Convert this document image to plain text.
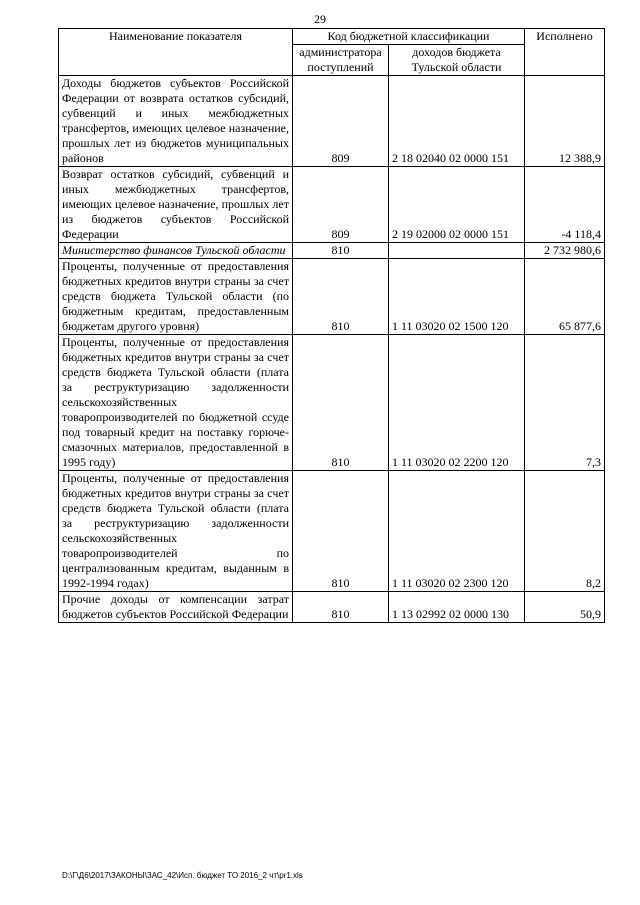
29
Наименование показателя	Код бюджетной классификации		Исполнено
	администратора поступлений	доходов бюджета Тульской области	
Доходы бюджетов субъектов Российской Федерации от возврата остатков субсидий, субвенций и иных межбюджетных трансфертов, имеющих целевое назначение, прошлых лет из бюджетов муниципальных районов	809	2 18 02040 02 0000 151	12 388,9
Возврат остатков субсидий, субвенций и иных межбюджетных трансфертов, имеющих целевое назначение, прошлых лет из бюджетов субъектов Российской Федерации	809	2 19 02000 02 0000 151	-4 118,4
Министерство финансов Тульской области	810		2 732 980,6
Проценты, полученные от предоставления бюджетных кредитов внутри страны за счет средств бюджета Тульской области (по бюджетным кредитам, предоставленным бюджетам другого уровня)	810	1 11 03020 02 1500 120	65 877,6
Проценты, полученные от предоставления бюджетных кредитов внутри страны за счет средств бюджета Тульской области (плата за реструктуризацию задолженности сельскохозяйственных товаропроизводителей по бюджетной ссуде под товарный кредит на поставку горюче-смазочных материалов, предоставленной в 1995 году)	810	1 11 03020 02 2200 120	7,3
Проценты, полученные от предоставления бюджетных кредитов внутри страны за счет средств бюджета Тульской области (плата за реструктуризацию задолженности сельскохозяйственных товаропроизводителей по централизованным кредитам, выданным в 1992-1994 годах)	810	1 11 03020 02 2300 120	8,2
Прочие доходы от компенсации затрат бюджетов субъектов Российской Федерации	810	1 13 02992 02 0000 130	50,9
D:\Г\Д6\2017\ЗАКОНЫ\ЗАС_42\Исп. бюджет ТО 2016_2 чт\pr1.xls
